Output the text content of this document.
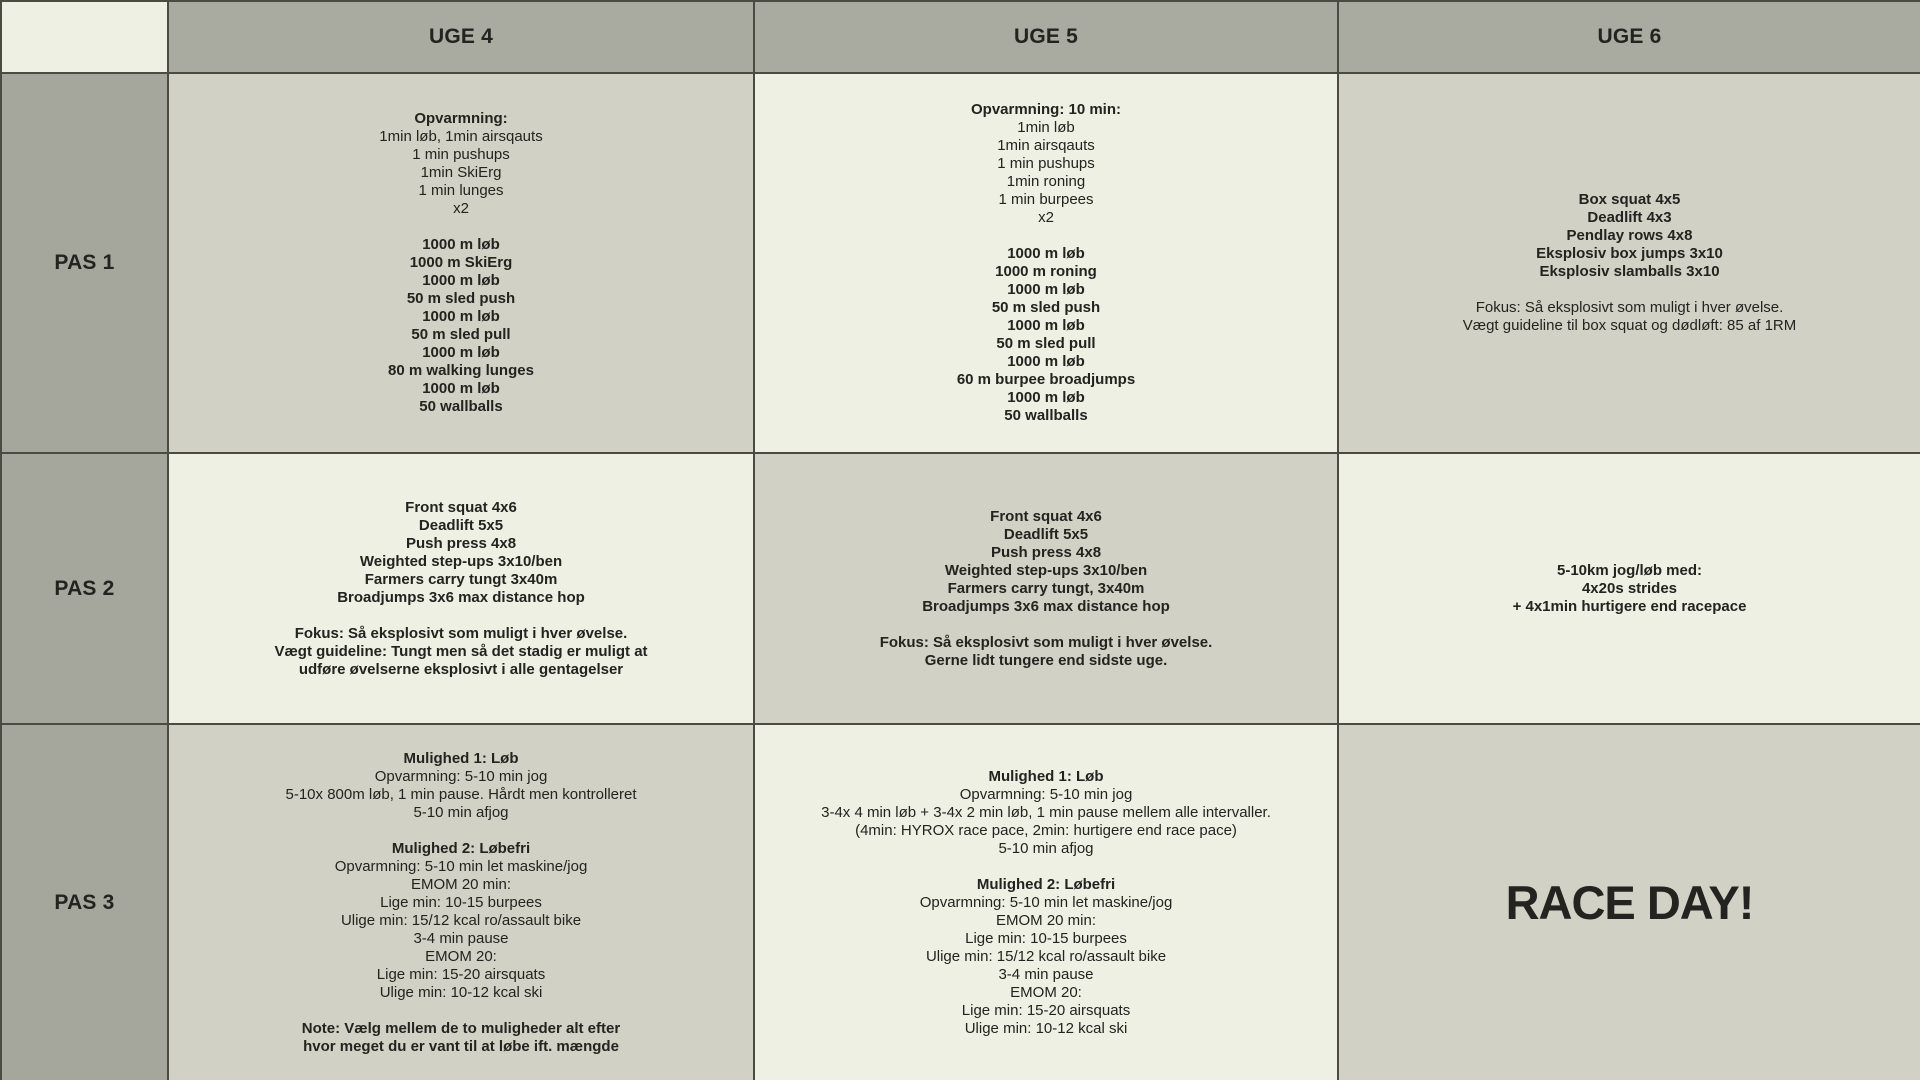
UGE 4	UGE 5	UGE 6
PAS 1
Opvarmning:
1min løb, 1min airsqauts
1 min pushups
1min SkiErg
1 min lunges
x2

1000 m løb
1000 m SkiErg
1000 m løb
50 m sled push
1000 m løb
50 m sled pull
1000 m løb
80 m walking lunges
1000 m løb
50 wallballs
Opvarmning: 10 min:
1min løb
1min airsqauts
1 min pushups
1min roning
1 min burpees
x2

1000 m løb
1000 m roning
1000 m løb
50 m sled push
1000 m løb
50 m sled pull
1000 m løb
60 m burpee broadjumps
1000 m løb
50 wallballs
Box squat 4x5
Deadlift 4x3
Pendlay rows 4x8
Eksplosiv box jumps 3x10
Eksplosiv slamballs 3x10

Fokus: Så eksplosivt som muligt i hver øvelse.
Vægt guideline til box squat og dødløft: 85 af 1RM
PAS 2
Front squat 4x6
Deadlift 5x5
Push press 4x8
Weighted step-ups 3x10/ben
Farmers carry tungt 3x40m
Broadjumps 3x6 max distance hop

Fokus: Så eksplosivt som muligt i hver øvelse.
Vægt guideline: Tungt men så det stadig er muligt at
udføre øvelserne eksplosivt i alle gentagelser
Front squat 4x6
Deadlift 5x5
Push press 4x8
Weighted step-ups 3x10/ben
Farmers carry tungt, 3x40m
Broadjumps 3x6 max distance hop

Fokus: Så eksplosivt som muligt i hver øvelse.
Gerne lidt tungere end sidste uge.
5-10km jog/løb med:
4x20s strides
+ 4x1min hurtigere end racepace
PAS 3
Mulighed 1: Løb
Opvarmning: 5-10 min jog
5-10x 800m løb, 1 min pause. Hårdt men kontrolleret
5-10 min afjog

Mulighed 2: Løbefri
Opvarmning: 5-10 min let maskine/jog
EMOM 20 min:
Lige min: 10-15 burpees
Ulige min: 15/12 kcal ro/assault bike
3-4 min pause
EMOM 20:
Lige min: 15-20 airsquats
Ulige min: 10-12 kcal ski

Note: Vælg mellem de to muligheder alt efter
hvor meget du er vant til at løbe ift. mængde
Mulighed 1: Løb
Opvarmning: 5-10 min jog
3-4x 4 min løb + 3-4x 2 min løb, 1 min pause mellem alle intervaller.
(4min: HYROX race pace, 2min: hurtigere end race pace)
5-10 min afjog

Mulighed 2: Løbefri
Opvarmning: 5-10 min let maskine/jog
EMOM 20 min:
Lige min: 10-15 burpees
Ulige min: 15/12 kcal ro/assault bike
3-4 min pause
EMOM 20:
Lige min: 15-20 airsquats
Ulige min: 10-12 kcal ski
RACE DAY!
